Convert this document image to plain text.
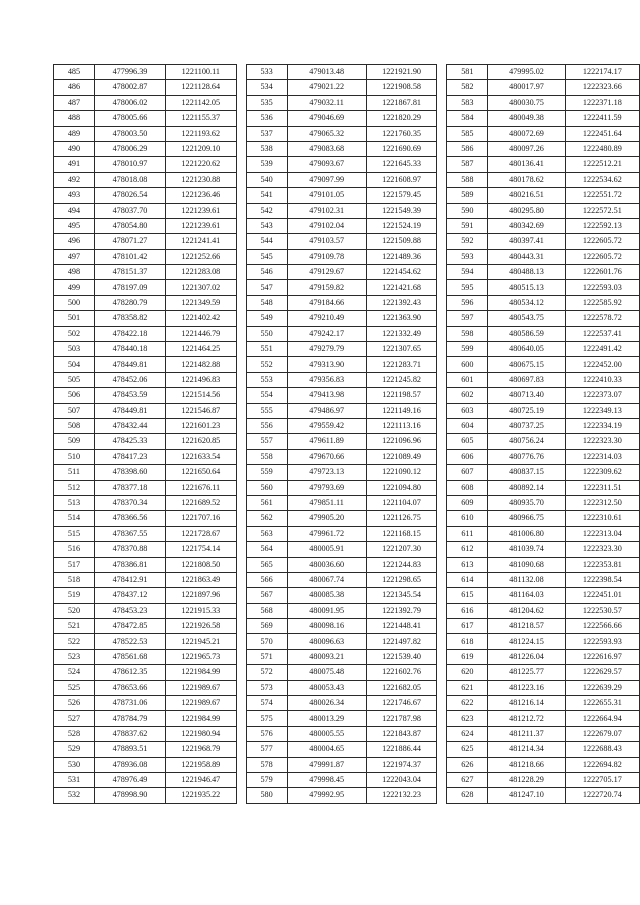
485	477996.39	1221100.11		533	479013.48	1221921.90		581	479995.02	1222174.17
486	478002.87	1221128.64		534	479021.22	1221908.58		582	480017.97	1222323.66
487	478006.02	1221142.05		535	479032.11	1221867.81		583	480030.75	1222371.18
488	478005.66	1221155.37		536	479046.69	1221820.29		584	480049.38	1222411.59
489	478003.50	1221193.62		537	479065.32	1221760.35		585	480072.69	1222451.64
490	478006.29	1221209.10		538	479083.68	1221690.69		586	480097.26	1222480.89
491	478010.97	1221220.62		539	479093.67	1221645.33		587	480136.41	1222512.21
492	478018.08	1221230.88		540	479097.99	1221608.97		588	480178.62	1222534.62
493	478026.54	1221236.46		541	479101.05	1221579.45		589	480216.51	1222551.72
494	478037.70	1221239.61		542	479102.31	1221549.39		590	480295.80	1222572.51
495	478054.80	1221239.61		543	479102.04	1221524.19		591	480342.69	1222592.13
496	478071.27	1221241.41		544	479103.57	1221509.88		592	480397.41	1222605.72
497	478101.42	1221252.66		545	479109.78	1221489.36		593	480443.31	1222605.72
498	478151.37	1221283.08		546	479129.67	1221454.62		594	480488.13	1222601.76
499	478197.09	1221307.02		547	479159.82	1221421.68		595	480515.13	1222593.03
500	478280.79	1221349.59		548	479184.66	1221392.43		596	480534.12	1222585.92
501	478358.82	1221402.42		549	479210.49	1221363.90		597	480543.75	1222578.72
502	478422.18	1221446.79		550	479242.17	1221332.49		598	480586.59	1222537.41
503	478440.18	1221464.25		551	479279.79	1221307.65		599	480640.05	1222491.42
504	478449.81	1221482.88		552	479313.90	1221283.71		600	480675.15	1222452.00
505	478452.06	1221496.83		553	479356.83	1221245.82		601	480697.83	1222410.33
506	478453.59	1221514.56		554	479413.98	1221198.57		602	480713.40	1222373.07
507	478449.81	1221546.87		555	479486.97	1221149.16		603	480725.19	1222349.13
508	478432.44	1221601.23		556	479559.42	1221113.16		604	480737.25	1222334.19
509	478425.33	1221620.85		557	479611.89	1221096.96		605	480756.24	1222323.30
510	478417.23	1221633.54		558	479670.66	1221089.49		606	480776.76	1222314.03
511	478398.60	1221650.64		559	479723.13	1221090.12		607	480837.15	1222309.62
512	478377.18	1221676.11		560	479793.69	1221094.80		608	480892.14	1222311.51
513	478370.34	1221689.52		561	479851.11	1221104.07		609	480935.70	1222312.50
514	478366.56	1221707.16		562	479905.20	1221126.75		610	480966.75	1222310.61
515	478367.55	1221728.67		563	479961.72	1221168.15		611	481006.80	1222313.04
516	478370.88	1221754.14		564	480005.91	1221207.30		612	481039.74	1222323.30
517	478386.81	1221808.50		565	480036.60	1221244.83		613	481090.68	1222353.81
518	478412.91	1221863.49		566	480067.74	1221298.65		614	481132.08	1222398.54
519	478437.12	1221897.96		567	480085.38	1221345.54		615	481164.03	1222451.01
520	478453.23	1221915.33		568	480091.95	1221392.79		616	481204.62	1222530.57
521	478472.85	1221926.58		569	480098.16	1221448.41		617	481218.57	1222566.66
522	478522.53	1221945.21		570	480096.63	1221497.82		618	481224.15	1222593.93
523	478561.68	1221965.73		571	480093.21	1221539.40		619	481226.04	1222616.97
524	478612.35	1221984.99		572	480075.48	1221602.76		620	481225.77	1222629.57
525	478653.66	1221989.67		573	480053.43	1221682.05		621	481223.16	1222639.29
526	478731.06	1221989.67		574	480026.34	1221746.67		622	481216.14	1222655.31
527	478784.79	1221984.99		575	480013.29	1221787.98		623	481212.72	1222664.94
528	478837.62	1221980.94		576	480005.55	1221843.87		624	481211.37	1222679.07
529	478893.51	1221968.79		577	480004.65	1221886.44		625	481214.34	1222688.43
530	478936.08	1221958.89		578	479991.87	1221974.37		626	481218.66	1222694.82
531	478976.49	1221946.47		579	479998.45	1222043.04		627	481228.29	1222705.17
532	478998.90	1221935.22		580	479992.95	1222132.23		628	481247.10	1222720.74
